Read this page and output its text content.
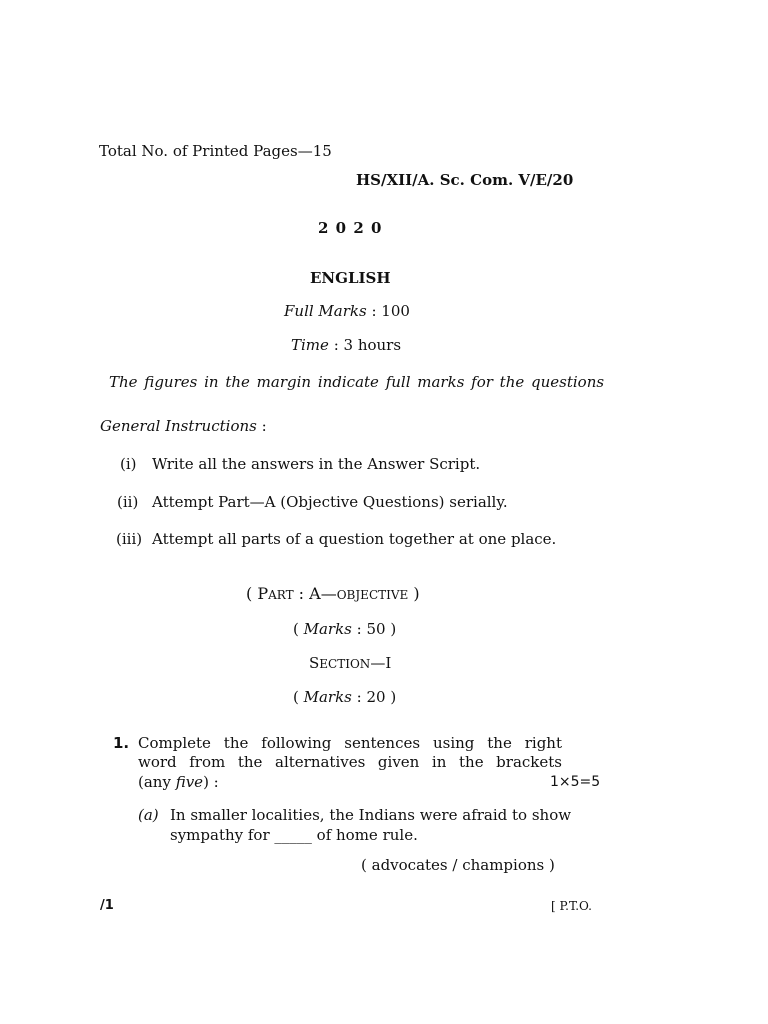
Total No. of Printed Pages—15
HS/XII/A. Sc. Com. V/E/20
2 0 2 0
ENGLISH
Full Marks : 100
Time : 3 hours
The figures in the margin indicate full marks for the questions
General Instructions :
(i) Write all the answers in the Answer Script.
(ii) Attempt Part—A (Objective Questions) serially.
(iii) Attempt all parts of a question together at one place.
( PART : A—OBJECTIVE )
( Marks : 50 )
SECTION—I
( Marks : 20 )
1. Complete the following sentences using the right
word from the alternatives given in the brackets
(any five) :	1×5=5
(a) In smaller localities, the Indians were afraid to show
sympathy for _____ of home rule.
( advocates / champions )
/1	[ P.T.O.
